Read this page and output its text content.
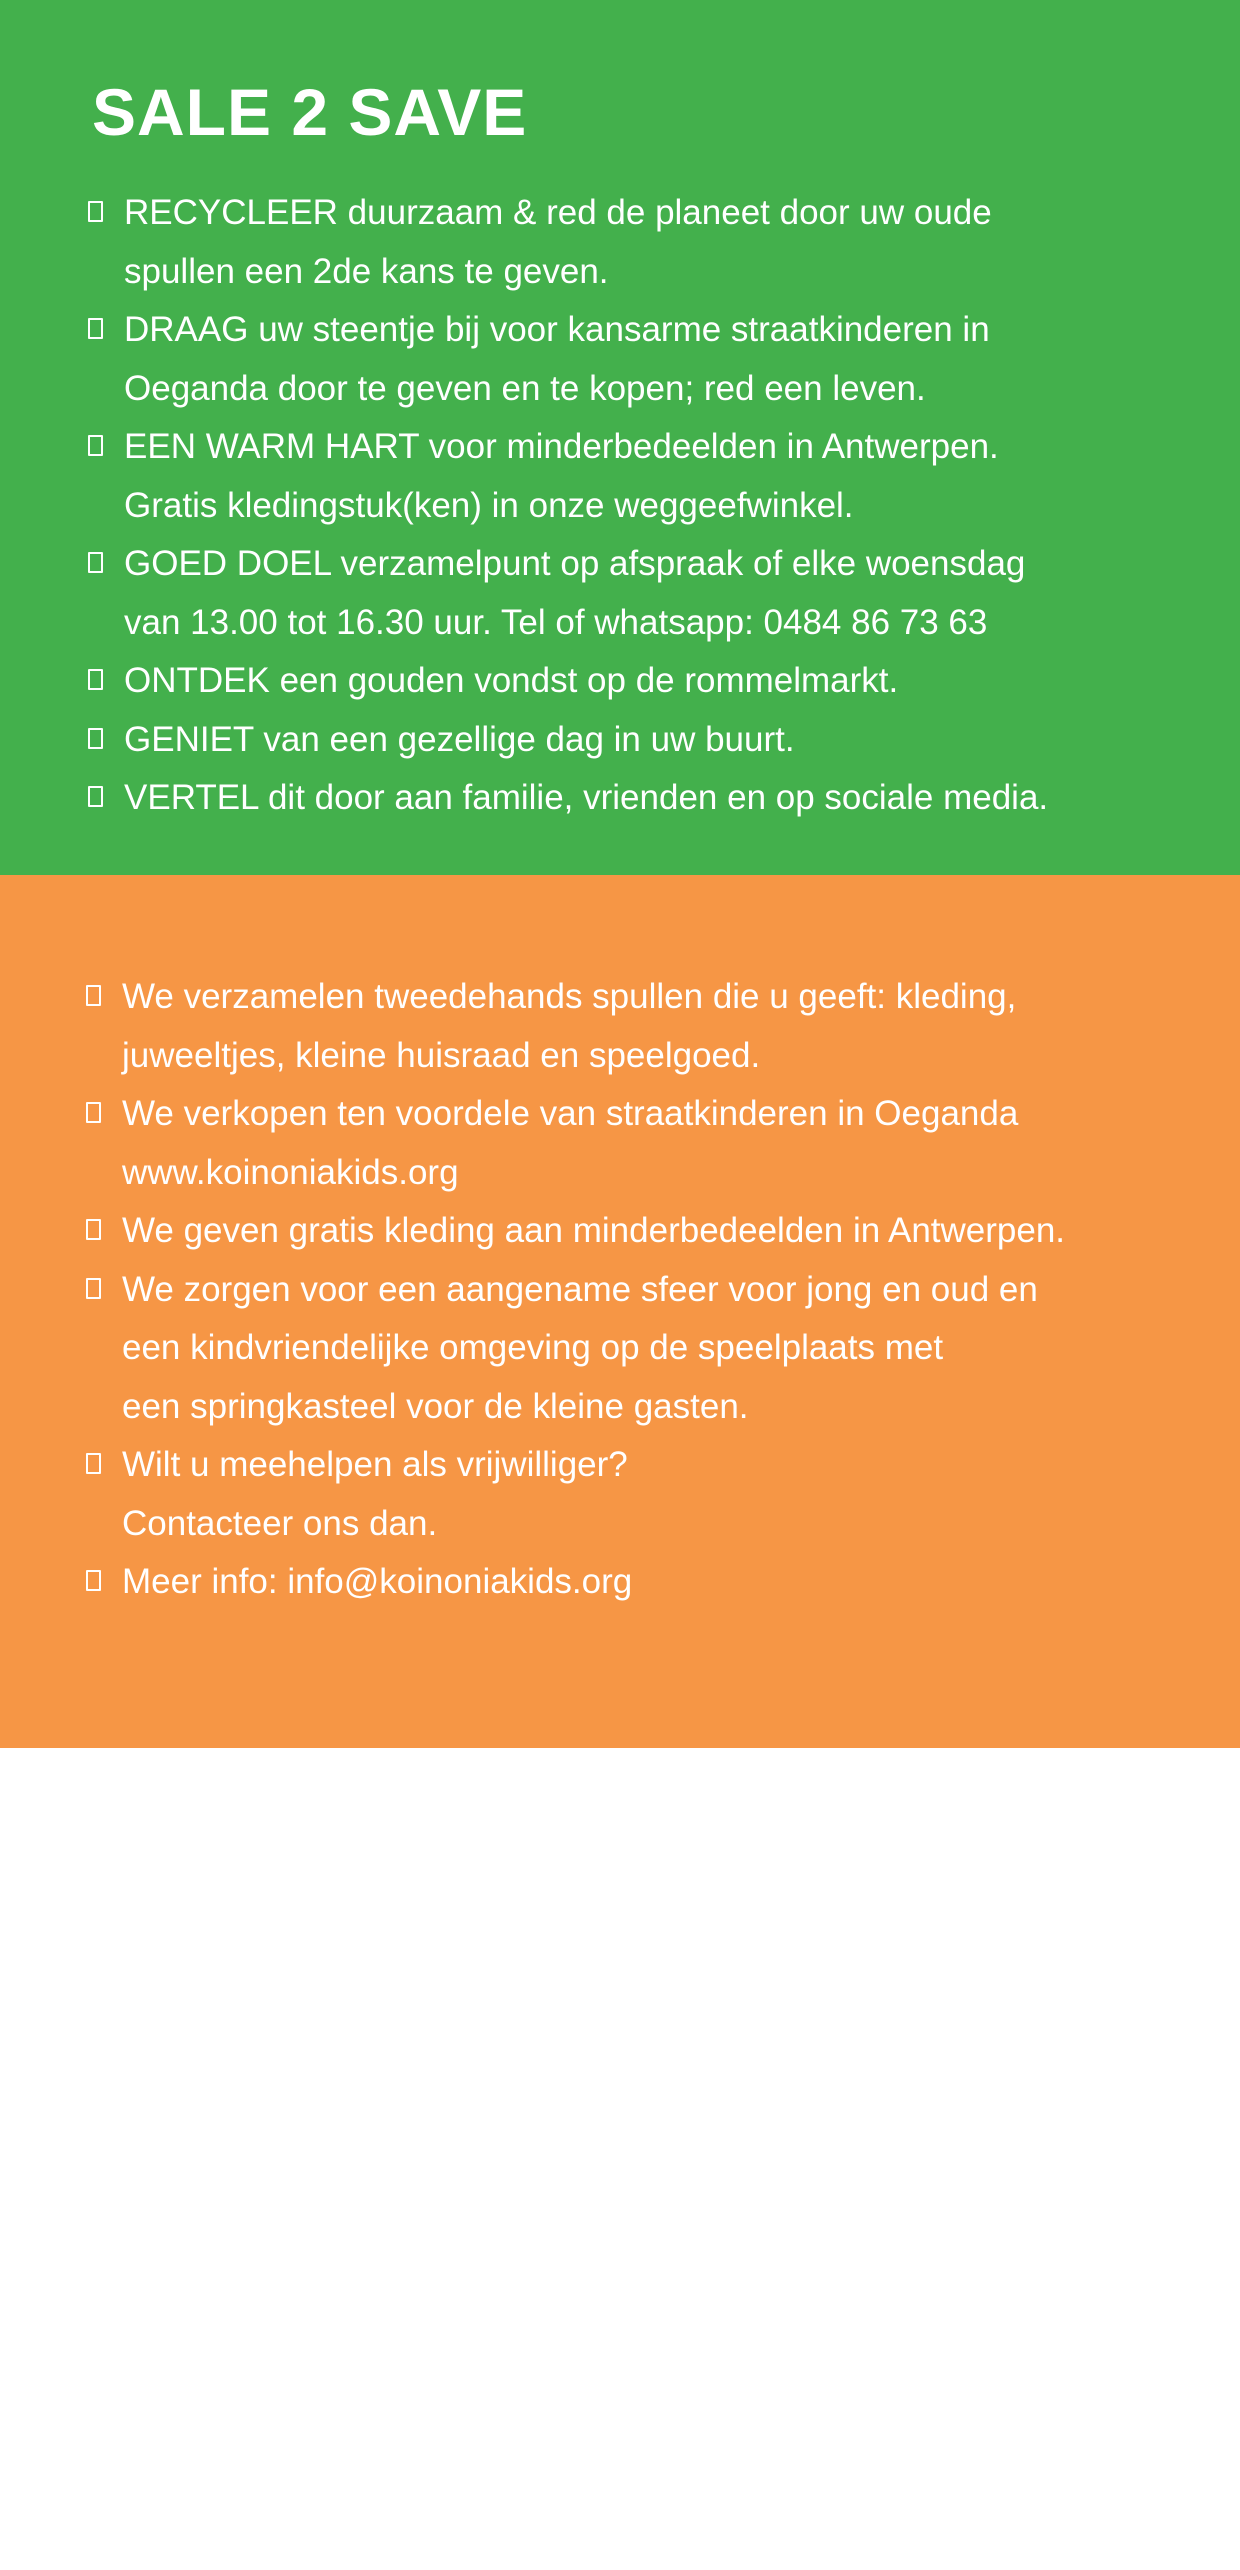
SALE 2 SAVE
RECYCLEER duurzaam & red de planeet door uw oude
spullen een 2de kans te geven.
DRAAG uw steentje bij voor kansarme straatkinderen in
Oeganda door te geven en te kopen; red een leven.
EEN WARM HART voor minderbedeelden in Antwerpen.
Gratis kledingstuk(ken) in onze weggeefwinkel.
GOED DOEL verzamelpunt op afspraak of elke woensdag
van 13.00 tot 16.30 uur. Tel of whatsapp: 0484 86 73 63
ONTDEK een gouden vondst op de rommelmarkt.
GENIET van een gezellige dag in uw buurt.
VERTEL dit door aan familie, vrienden en op sociale media.
We verzamelen tweedehands spullen die u geeft: kleding,
juweeltjes, kleine huisraad en speelgoed.
We verkopen ten voordele van straatkinderen in Oeganda
www.koinoniakids.org
We geven gratis kleding aan minderbedeelden in Antwerpen.
We zorgen voor een aangename sfeer voor jong en oud en
een kindvriendelijke omgeving op de speelplaats met
een springkasteel voor de kleine gasten.
Wilt u meehelpen als vrijwilliger?
Contacteer ons dan.
Meer info: info@koinoniakids.org
Een initiatief van Koinonia Kids vzw, Korte Altaarstraat 17 te 2018 Antwerpen
